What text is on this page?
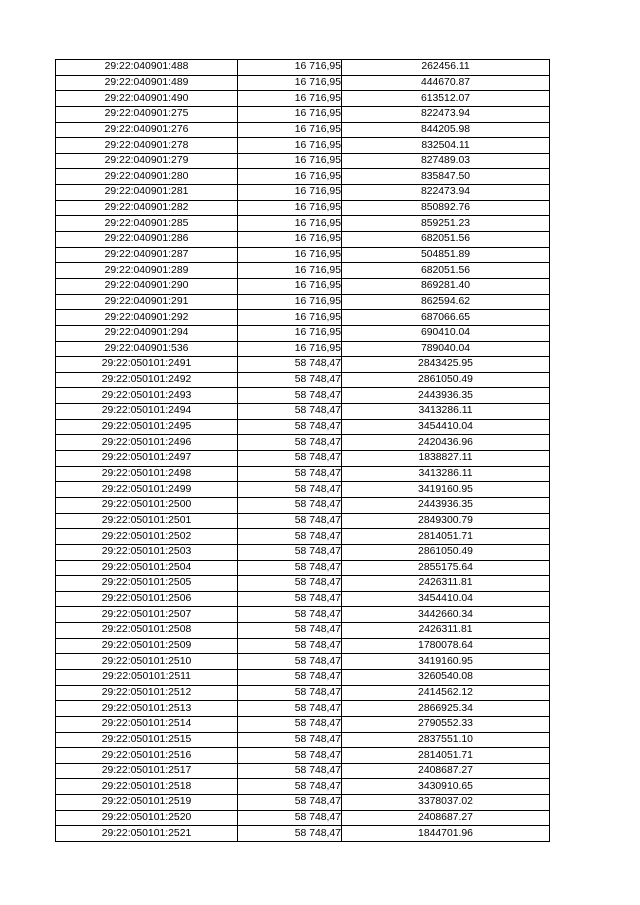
29:22:040901:488	16 716,95	262456.11
29:22:040901:489	16 716,95	444670.87
29:22:040901:490	16 716,95	613512.07
29:22:040901:275	16 716,95	822473.94
29:22:040901:276	16 716,95	844205.98
29:22:040901:278	16 716,95	832504.11
29:22:040901:279	16 716,95	827489.03
29:22:040901:280	16 716,95	835847.50
29:22:040901:281	16 716,95	822473.94
29:22:040901:282	16 716,95	850892.76
29:22:040901:285	16 716,95	859251.23
29:22:040901:286	16 716,95	682051.56
29:22:040901:287	16 716,95	504851.89
29:22:040901:289	16 716,95	682051.56
29:22:040901:290	16 716,95	869281.40
29:22:040901:291	16 716,95	862594.62
29:22:040901:292	16 716,95	687066.65
29:22:040901:294	16 716,95	690410.04
29:22:040901:536	16 716,95	789040.04
29:22:050101:2491	58 748,47	2843425.95
29:22:050101:2492	58 748,47	2861050.49
29:22:050101:2493	58 748,47	2443936.35
29:22:050101:2494	58 748,47	3413286.11
29:22:050101:2495	58 748,47	3454410.04
29:22:050101:2496	58 748,47	2420436.96
29:22:050101:2497	58 748,47	1838827.11
29:22:050101:2498	58 748,47	3413286.11
29:22:050101:2499	58 748,47	3419160.95
29:22:050101:2500	58 748,47	2443936.35
29:22:050101:2501	58 748,47	2849300.79
29:22:050101:2502	58 748,47	2814051.71
29:22:050101:2503	58 748,47	2861050.49
29:22:050101:2504	58 748,47	2855175.64
29:22:050101:2505	58 748,47	2426311.81
29:22:050101:2506	58 748,47	3454410.04
29:22:050101:2507	58 748,47	3442660.34
29:22:050101:2508	58 748,47	2426311.81
29:22:050101:2509	58 748,47	1780078.64
29:22:050101:2510	58 748,47	3419160.95
29:22:050101:2511	58 748,47	3260540.08
29:22:050101:2512	58 748,47	2414562.12
29:22:050101:2513	58 748,47	2866925.34
29:22:050101:2514	58 748,47	2790552.33
29:22:050101:2515	58 748,47	2837551.10
29:22:050101:2516	58 748,47	2814051.71
29:22:050101:2517	58 748,47	2408687.27
29:22:050101:2518	58 748,47	3430910.65
29:22:050101:2519	58 748,47	3378037.02
29:22:050101:2520	58 748,47	2408687.27
29:22:050101:2521	58 748,47	1844701.96
